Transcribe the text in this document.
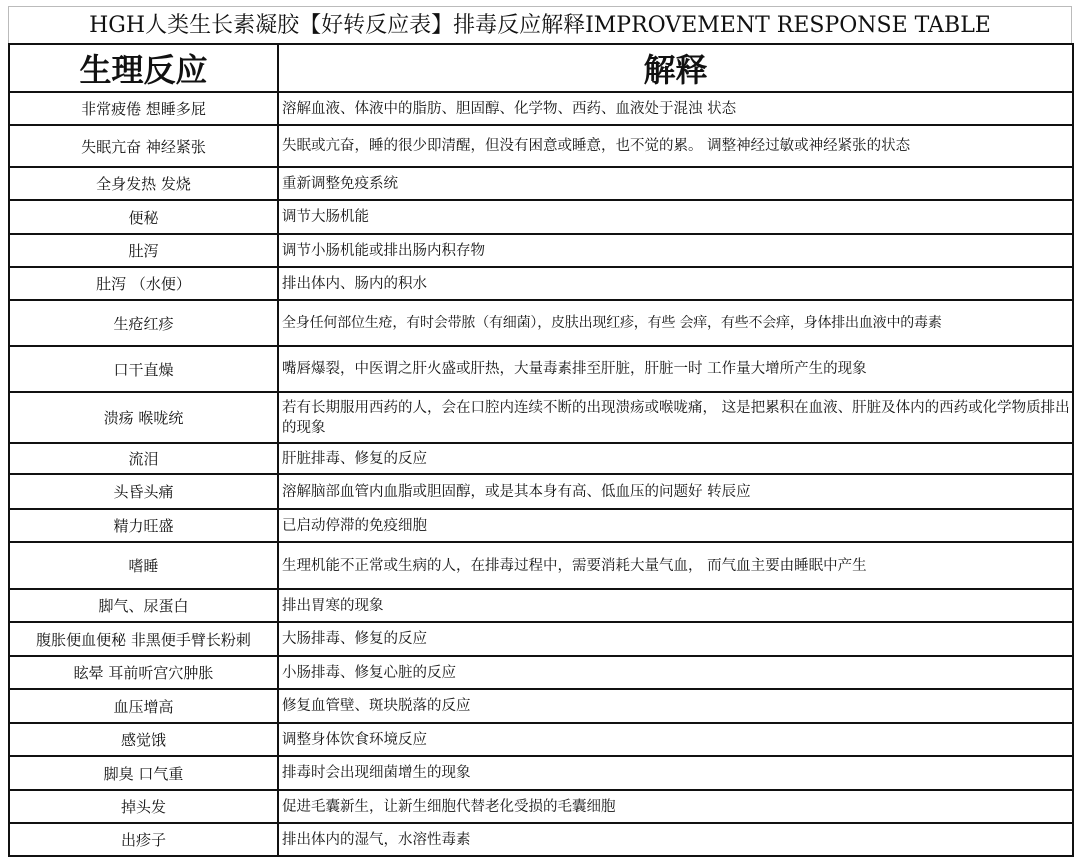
HGH人类生长素凝胶【好转反应表】排毒反应解释IMPROVEMENT RESPONSE TABLE
生理反应	解释
非常疲倦 想睡多屁	溶解血液、体液中的脂肪、胆固醇、化学物、西药、血液处于混浊 状态
失眠亢奋 神经紧张	失眠或亢奋，睡的很少即清醒，但没有困意或睡意，也不觉的累。 调整神经过敏或神经紧张的状态
全身发热 发烧	重新调整免疫系统
便秘	调节大肠机能
肚泻	调节小肠机能或排出肠内积存物
肚泻 （水便）	排出体内、肠内的积水
生疮红疹	全身任何部位生疮，有时会带脓（有细菌），皮肤出现红疹，有些 会痒，有些不会痒，身体排出血液中的毒素
口干直燥	嘴唇爆裂，中医谓之肝火盛或肝热，大量毒素排至肝脏，肝脏一时 工作量大增所产生的现象
溃疡 喉咙统	若有长期服用西药的人，会在口腔内连续不断的出现溃疡或喉咙痛， 这是把累积在血液、肝脏及体内的西药或化学物质排出的现象
流泪	肝脏排毒、修复的反应
头昏头痛	溶解脑部血管内血脂或胆固醇，或是其本身有高、低血压的问题好 转辰应
精力旺盛	已启动停滞的免疫细胞
嗜睡	生理机能不正常或生病的人，在排毒过程中，需要消耗大量气血， 而气血主要由睡眠中产生
脚气、尿蛋白	排出胃寒的现象
腹胀便血便秘 非黑便手臂长粉刺	大肠排毒、修复的反应
眩晕 耳前听宫穴肿胀	小肠排毒、修复心脏的反应
血压增高	修复血管壁、斑块脱落的反应
感觉饿	调整身体饮食环境反应
脚臭 口气重	排毒时会出现细菌增生的现象
掉头发	促进毛囊新生，让新生细胞代替老化受损的毛囊细胞
出疹子	排出体内的湿气，水溶性毒素
